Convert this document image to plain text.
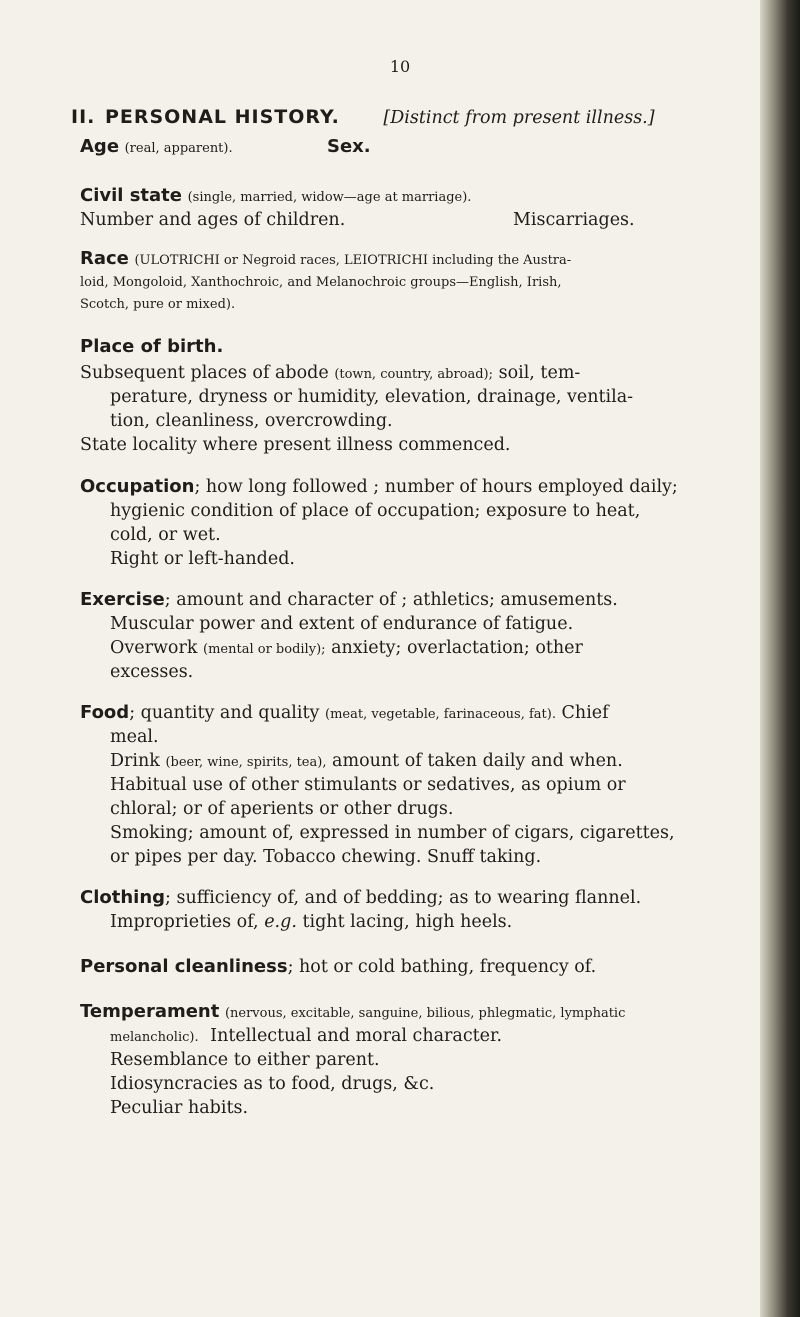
10
II. PERSONAL HISTORY. [Distinct from present illness.]
Age (real, apparent).	Sex.
Civil state (single, married, widow—age at marriage).
Number and ages of children.	Miscarriages.
Race (ULOTRICHI or Negroid races, LEIOTRICHI including the Austra-
loid, Mongoloid, Xanthochroic, and Melanochroic groups—English, Irish,
Scotch, pure or mixed).
Place of birth.
Subsequent places of abode (town, country, abroad); soil, tem-
perature, dryness or humidity, elevation, drainage, ventila-
tion, cleanliness, overcrowding.
State locality where present illness commenced.
Occupation; how long followed ; number of hours employed daily;
hygienic condition of place of occupation; exposure to heat,
cold, or wet.
Right or left-handed.
Exercise; amount and character of ; athletics; amusements.
Muscular power and extent of endurance of fatigue.
Overwork (mental or bodily); anxiety; overlactation; other
excesses.
Food; quantity and quality (meat, vegetable, farinaceous, fat). Chief
meal.
Drink (beer, wine, spirits, tea), amount of taken daily and when.
Habitual use of other stimulants or sedatives, as opium or
chloral; or of aperients or other drugs.
Smoking; amount of, expressed in number of cigars, cigarettes,
or pipes per day. Tobacco chewing. Snuff taking.
Clothing; sufficiency of, and of bedding; as to wearing flannel.
Improprieties of, e.g. tight lacing, high heels.
Personal cleanliness; hot or cold bathing, frequency of.
Temperament (nervous, excitable, sanguine, bilious, phlegmatic, lymphatic
melancholic). Intellectual and moral character.
Resemblance to either parent.
Idiosyncracies as to food, drugs, &c.
Peculiar habits.
